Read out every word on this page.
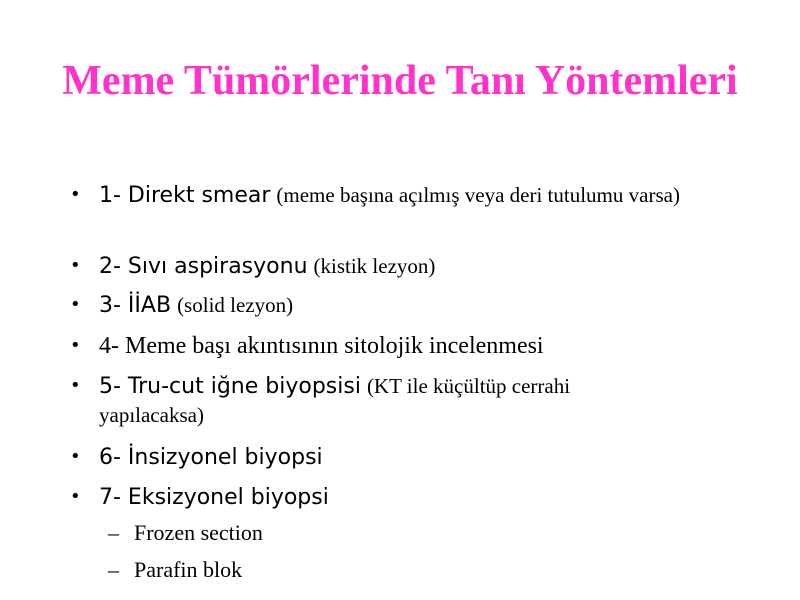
Meme Tümörlerinde Tanı Yöntemleri
• 1- Direkt smear (meme başına açılmış veya deri tutulumu varsa)
• 2- Sıvı aspirasyonu (kistik lezyon)
• 3- İİAB (solid lezyon)
• 4- Meme başı akıntısının sitolojik incelenmesi
• 5- Tru-cut iğne biyopsisi (KT ile küçültüp cerrahi yapılacaksa)
• 6- İnsizyonel biyopsi
• 7- Eksizyonel biyopsi
– Frozen section
– Parafin blok
